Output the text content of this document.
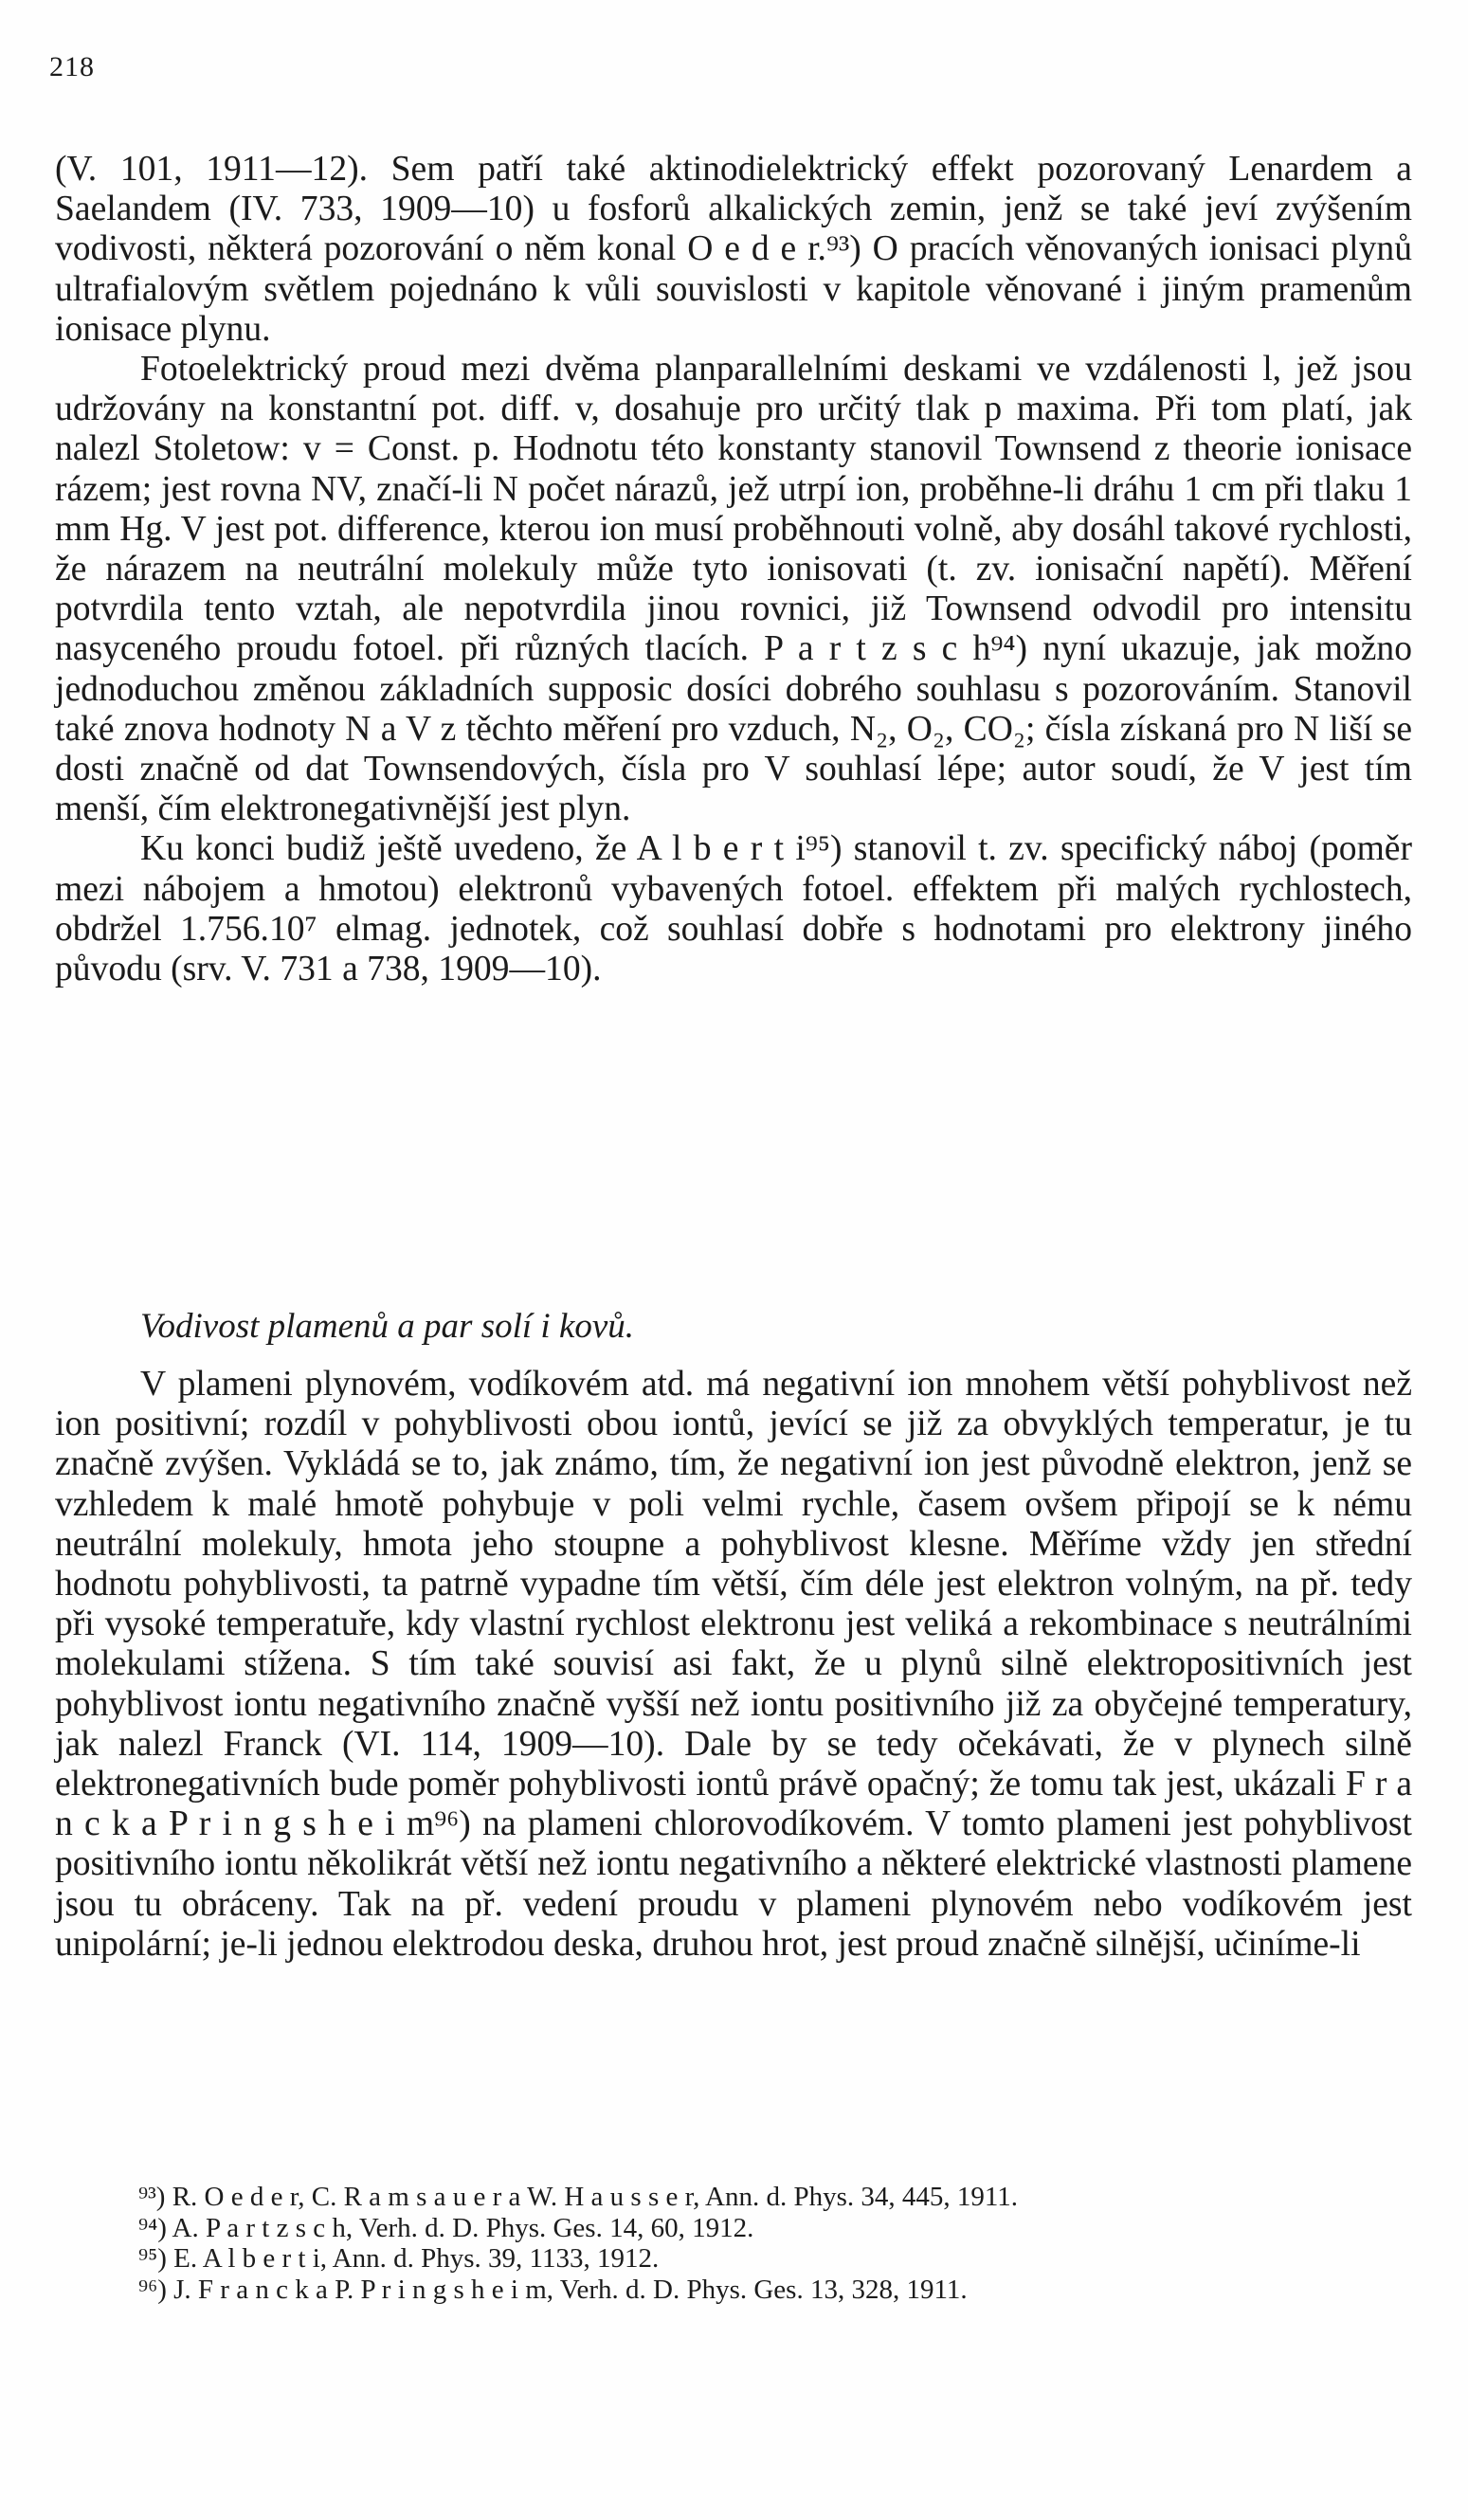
218

(V. 101, 1911—12). Sem patří také aktinodielektrický effekt pozorovaný Lenardem a Saelandem (IV. 733, 1909—10) u fosforů alkalických zemin, jenž se také jeví zvýšením vodivosti, některá pozorování o něm konal O e d e r.⁹³) O pracích věnovaných ionisaci plynů ultrafialovým světlem pojednáno k vůli souvislosti v kapitole věnované i jiným pramenům ionisace plynu.

Fotoelektrický proud mezi dvěma planparallelními deskami ve vzdálenosti l, jež jsou udržovány na konstantní pot. diff. v, dosahuje pro určitý tlak p maxima. Při tom platí, jak nalezl Stoletow: v = Const. p. Hodnotu této konstanty stanovil Townsend z theorie ionisace rázem; jest rovna NV, značí-li N počet nárazů, jež utrpí ion, proběhne-li dráhu 1 cm při tlaku 1 mm Hg. V jest pot. difference, kterou ion musí proběhnouti volně, aby dosáhl takové rychlosti, že nárazem na neutrální molekuly může tyto ionisovati (t. zv. ionisační napětí). Měření potvrdila tento vztah, ale nepotvrdila jinou rovnici, již Townsend odvodil pro intensitu nasyceného proudu fotoel. při různých tlacích. P a r t z s c h⁹⁴) nyní ukazuje, jak možno jednoduchou změnou základních supposic dosíci dobrého souhlasu s pozorováním. Stanovil také znova hodnoty N a V z těchto měření pro vzduch, N₂, O₂, CO₂; čísla získaná pro N liší se dosti značně od dat Townsendových, čísla pro V souhlasí lépe; autor soudí, že V jest tím menší, čím elektronegativnější jest plyn.

Ku konci budiž ještě uvedeno, že A l b e r t i⁹⁵) stanovil t. zv. specifický náboj (poměr mezi nábojem a hmotou) elektronů vybavených fotoel. effektem při malých rychlostech, obdržel 1.756.10⁷ elmag. jednotek, což souhlasí dobře s hodnotami pro elektrony jiného původu (srv. V. 731 a 738, 1909—10).

Vodivost plamenů a par solí i kovů.

V plameni plynovém, vodíkovém atd. má negativní ion mnohem větší pohyblivost než ion positivní; rozdíl v pohyblivosti obou iontů, jevící se již za obvyklých temperatur, je tu značně zvýšen. Vykládá se to, jak známo, tím, že negativní ion jest původně elektron, jenž se vzhledem k malé hmotě pohybuje v poli velmi rychle, časem ovšem připojí se k nému neutrální molekuly, hmota jeho stoupne a pohyblivost klesne. Měříme vždy jen střední hodnotu pohyblivosti, ta patrně vypadne tím větší, čím déle jest elektron volným, na př. tedy při vysoké temperatuře, kdy vlastní rychlost elektronu jest veliká a rekombinace s neutrálními molekulami stížena. S tím také souvisí asi fakt, že u plynů silně elektropositivních jest pohyblivost iontu negativního značně vyšší než iontu positivního již za obyčejné temperatury, jak nalezl Franck (VI. 114, 1909—10). Dale by se tedy očekávati, že v plynech silně elektronegativních bude poměr pohyblivosti iontů právě opačný; že tomu tak jest, ukázali F r a n c k a P r i n g s h e i m⁹⁶) na plameni chlorovodíkovém. V tomto plameni jest pohyblivost positivního iontu několikrát větší než iontu negativního a některé elektrické vlastnosti plamene jsou tu obráceny. Tak na př. vedení proudu v plameni plynovém nebo vodíkovém jest unipolární; je-li jednou elektrodou deska, druhou hrot, jest proud značně silnější, učiníme-li

⁹³) R. O e d e r, C. R a m s a u e r a W. H a u s s e r, Ann. d. Phys. 34, 445, 1911.

⁹⁴) A. P a r t z s c h, Verh. d. D. Phys. Ges. 14, 60, 1912.

⁹⁵) E. A l b e r t i, Ann. d. Phys. 39, 1133, 1912.

⁹⁶) J. F r a n c k a P. P r i n g s h e i m, Verh. d. D. Phys. Ges. 13, 328, 1911.
